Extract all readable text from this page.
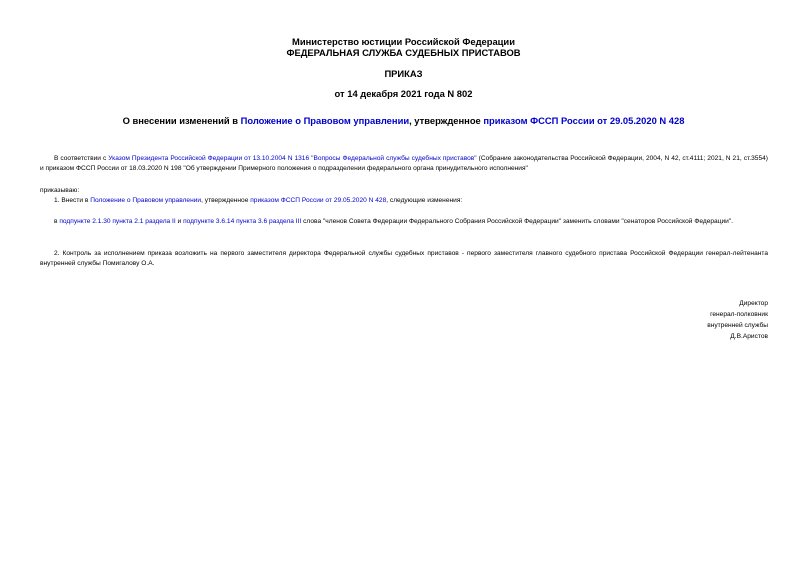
Министерство юстиции Российской Федерации
ФЕДЕРАЛЬНАЯ СЛУЖБА СУДЕБНЫХ ПРИСТАВОВ
ПРИКАЗ
от 14 декабря 2021 года N 802
О внесении изменений в Положение о Правовом управлении, утвержденное приказом ФССП России от 29.05.2020 N 428
В соответствии с Указом Президента Российской Федерации от 13.10.2004 N 1316 "Вопросы Федеральной службы судебных приставов" (Собрание законодательства Российской Федерации, 2004, N 42, ст.4111; 2021, N 21, ст.3554) и приказом ФССП России от 18.03.2020 N 198 "Об утверждении Примерного положения о подразделении федерального органа принудительного исполнения"
приказываю:
1. Внести в Положение о Правовом управлении, утвержденное приказом ФССП России от 29.05.2020 N 428, следующие изменения:
в подпункте 2.1.30 пункта 2.1 раздела II и подпункте 3.6.14 пункта 3.6 раздела III слова "членов Совета Федерации Федерального Собрания Российской Федерации" заменить словами "сенаторов Российской Федерации".
2. Контроль за исполнением приказа возложить на первого заместителя директора Федеральной службы судебных приставов - первого заместителя главного судебного пристава Российской Федерации генерал-лейтенанта внутренней службы Помигалову О.А.
Директор
генерал-полковник
внутренней службы
Д.В.Аристов
